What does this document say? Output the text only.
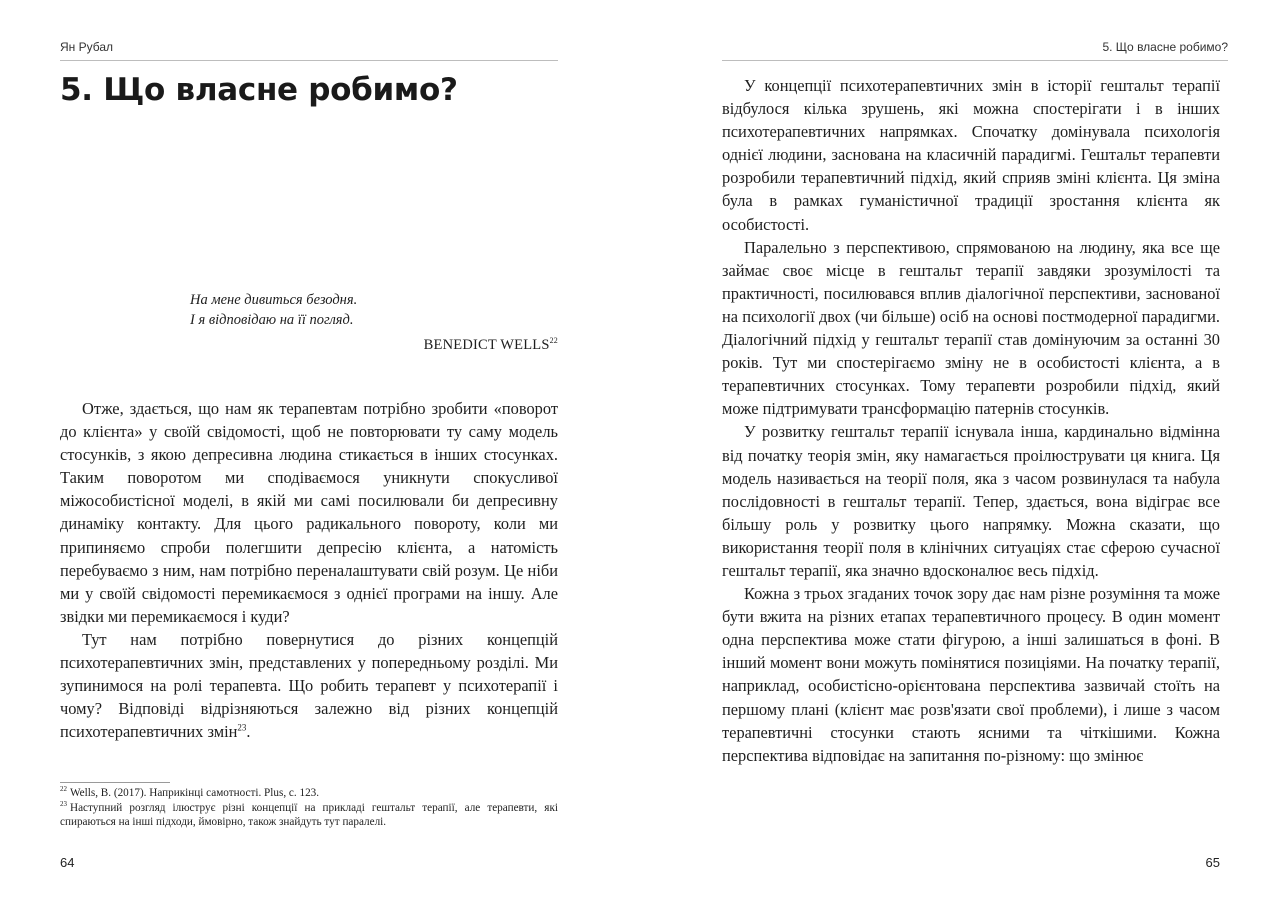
Ян Рубал
5. Що власне робимо?
На мене дивиться безодня.
І я відповідаю на її погляд.
BENEDICT WELLS$^{22}$

Отже, здається, що нам як терапевтам потрібно зробити «поворот до клієнта» у своїй свідомості, щоб не повторювати ту саму модель стосунків, з якою депресивна людина стикається в інших стосунках. Таким поворотом ми сподіваємося уникнути спокусливої міжособистісної моделі, в якій ми самі посилювали би депресивну динаміку контакту. Для цього радикального повороту, коли ми припиняємо спроби полегшити депресію клієнта, а натомість перебуваємо з ним, нам потрібно переналаштувати свій розум. Це ніби ми у своїй свідомості перемикаємося з однієї програми на іншу. Але звідки ми перемикаємося і куди?

Тут нам потрібно повернутися до різних концепцій психотерапевтичних змін, представлених у попередньому розділі. Ми зупинимося на ролі терапевта. Що робить терапевт у психотерапії і чому? Відповіді відрізняються залежно від різних концепцій психотерапевтичних змін$^{23}$.

$^{22}$ Wells, B. (2017). Наприкінці самотності. Plus, c. 123.

$^{23}$ Наступний розгляд ілюструє різні концепції на прикладі гештальт терапії, але терапевти, які спираються на інші підходи, ймовірно, також знайдуть тут паралелі.

64
5. Що власне робимо?

У концепції психотерапевтичних змін в історії гештальт терапії відбулося кілька зрушень, які можна спостерігати і в інших психотерапевтичних напрямках. Спочатку домінувала психологія однієї людини, заснована на класичній парадигмі. Гештальт терапевти розробили терапевтичний підхід, який сприяв зміні клієнта. Ця зміна була в рамках гуманістичної традиції зростання клієнта як особистості.

Паралельно з перспективою, спрямованою на людину, яка все ще займає своє місце в гештальт терапії завдяки зрозумілості та практичності, посилювався вплив діалогічної перспективи, заснованої на психології двох (чи більше) осіб на основі постмодерної парадигми. Діалогічний підхід у гештальт терапії став домінуючим за останні 30 років. Тут ми спостерігаємо зміну не в особистості клієнта, а в терапевтичних стосунках. Тому терапевти розробили підхід, який може підтримувати трансформацію патернів стосунків.

У розвитку гештальт терапії існувала інша, кардинально відмінна від початку теорія змін, яку намагається проілюструвати ця книга. Ця модель називається на теорії поля, яка з часом розвинулася та набула послідовності в гештальт терапії. Тепер, здається, вона відіграє все більшу роль у розвитку цього напрямку. Можна сказати, що використання теорії поля в клінічних ситуаціях стає сферою сучасної гештальт терапії, яка значно вдосконалює весь підхід.

Кожна з трьох згаданих точок зору дає нам різне розуміння та може бути вжита на різних етапах терапевтичного процесу. В один момент одна перспектива може стати фігурою, а інші залишаться в фоні. В інший момент вони можуть помінятися позиціями. На початку терапії, наприклад, особистісно-орієнтована перспектива зазвичай стоїть на першому плані (клієнт має розв'язати свої проблеми), і лише з часом терапевтичні стосунки стають ясними та чіткішими. Кожна перспектива відповідає на запитання по-різному: що змінює

65
